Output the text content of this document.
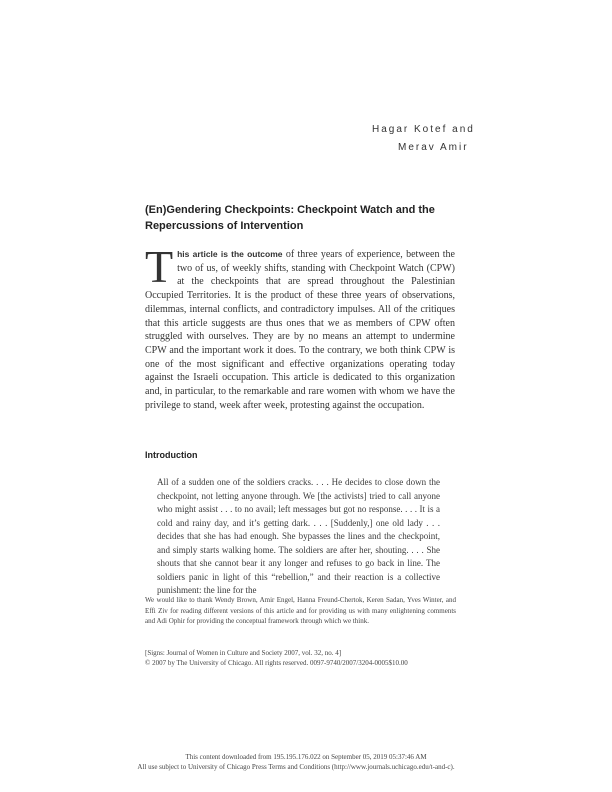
Hagar Kotef and
Merav Amir
(En)Gendering Checkpoints: Checkpoint Watch and the Repercussions of Intervention
This article is the outcome of three years of experience, between the two of us, of weekly shifts, standing with Checkpoint Watch (CPW) at the checkpoints that are spread throughout the Palestinian Occupied Territories. It is the product of these three years of observations, dilemmas, internal conflicts, and contradictory impulses. All of the critiques that this article suggests are thus ones that we as members of CPW often struggled with ourselves. They are by no means an attempt to undermine CPW and the important work it does. To the contrary, we both think CPW is one of the most significant and effective organizations operating today against the Israeli occupation. This article is dedicated to this organization and, in particular, to the remarkable and rare women with whom we have the privilege to stand, week after week, protesting against the occupation.
Introduction
All of a sudden one of the soldiers cracks. . . . He decides to close down the checkpoint, not letting anyone through. We [the activists] tried to call anyone who might assist . . . to no avail; left messages but got no response. . . . It is a cold and rainy day, and it’s getting dark. . . . [Suddenly,] one old lady . . . decides that she has had enough. She bypasses the lines and the checkpoint, and simply starts walking home. The soldiers are after her, shouting. . . . She shouts that she cannot bear it any longer and refuses to go back in line. The soldiers panic in light of this “rebellion,” and their reaction is a collective punishment: the line for the
We would like to thank Wendy Brown, Amir Engel, Hanna Freund-Chertok, Keren Sadan, Yves Winter, and Effi Ziv for reading different versions of this article and for providing us with many enlightening comments and Adi Ophir for providing the conceptual framework through which we think.
[Signs: Journal of Women in Culture and Society 2007, vol. 32, no. 4]
© 2007 by The University of Chicago. All rights reserved. 0097-9740/2007/3204-0005$10.00
This content downloaded from 195.195.176.022 on September 05, 2019 05:37:46 AM
All use subject to University of Chicago Press Terms and Conditions (http://www.journals.uchicago.edu/t-and-c).
